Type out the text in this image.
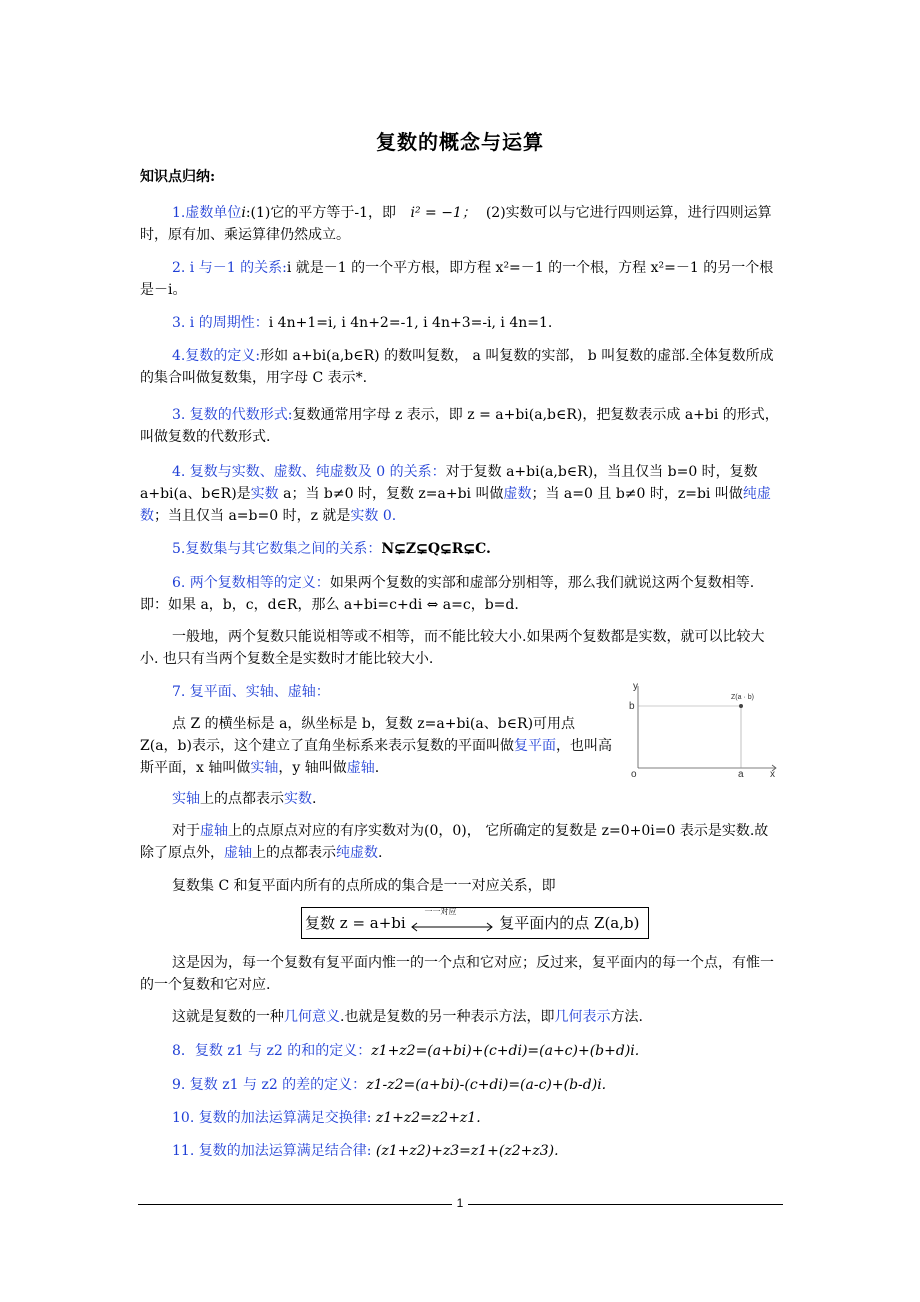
复数的概念与运算
知识点归纳:
1.虚数单位i:(1)它的平方等于-1，即 i² = −1； (2)实数可以与它进行四则运算，进行四则运算时，原有加、乘运算律仍然成立。
2. i 与－1 的关系:i 就是－1 的一个平方根，即方程 x²=－1 的一个根，方程 x²=－1 的另一个根是－i。
3. i 的周期性：i 4n+1=i, i 4n+2=-1, i 4n+3=-i, i 4n=1.
4.复数的定义:形如 a+bi(a,b∈R) 的数叫复数， a 叫复数的实部， b 叫复数的虚部.全体复数所成的集合叫做复数集，用字母 C 表示*.
3. 复数的代数形式:复数通常用字母 z 表示，即 z = a+bi(a,b∈R)，把复数表示成 a+bi 的形式，叫做复数的代数形式.
4. 复数与实数、虚数、纯虚数及 0 的关系：对于复数 a+bi(a,b∈R)，当且仅当 b=0 时，复数 a+bi(a、b∈R)是实数 a；当 b≠0 时，复数 z=a+bi 叫做虚数；当 a=0 且 b≠0 时，z=bi 叫做纯虚数；当且仅当 a=b=0 时，z 就是实数 0.
5.复数集与其它数集之间的关系：N⊊Z⊊Q⊊R⊊C.
6. 两个复数相等的定义：如果两个复数的实部和虚部分别相等，那么我们就说这两个复数相等.即：如果 a，b，c，d∈R，那么 a+bi=c+di ⇔ a=c，b=d.
一般地，两个复数只能说相等或不相等，而不能比较大小.如果两个复数都是实数，就可以比较大小. 也只有当两个复数全是实数时才能比较大小.
7. 复平面、实轴、虚轴：
点 Z 的横坐标是 a，纵坐标是 b，复数 z=a+bi(a、b∈R)可用点 Z(a，b)表示，这个建立了直角坐标系来表示复数的平面叫做复平面，也叫高斯平面，x 轴叫做实轴，y 轴叫做虚轴.
y
b
Z(a · b)
o	a	x
实轴上的点都表示实数.
对于虚轴上的点原点对应的有序实数对为(0，0)， 它所确定的复数是 z=0+0i=0 表示是实数.故除了原点外，虚轴上的点都表示纯虚数.
复数集 C 和复平面内所有的点所成的集合是一一对应关系，即
复数 z = a+bi
一一对应
复平面内的点 Z(a,b)
这是因为，每一个复数有复平面内惟一的一个点和它对应；反过来，复平面内的每一个点，有惟一的一个复数和它对应.
这就是复数的一种几何意义.也就是复数的另一种表示方法，即几何表示方法.
8．复数 z1 与 z2 的和的定义：z1+z2=(a+bi)+(c+di)=(a+c)+(b+d)i.
9. 复数 z1 与 z2 的差的定义：z1-z2=(a+bi)-(c+di)=(a-c)+(b-d)i.
10. 复数的加法运算满足交换律: z1+z2=z2+z1.
11. 复数的加法运算满足结合律: (z1+z2)+z3=z1+(z2+z3).
1
